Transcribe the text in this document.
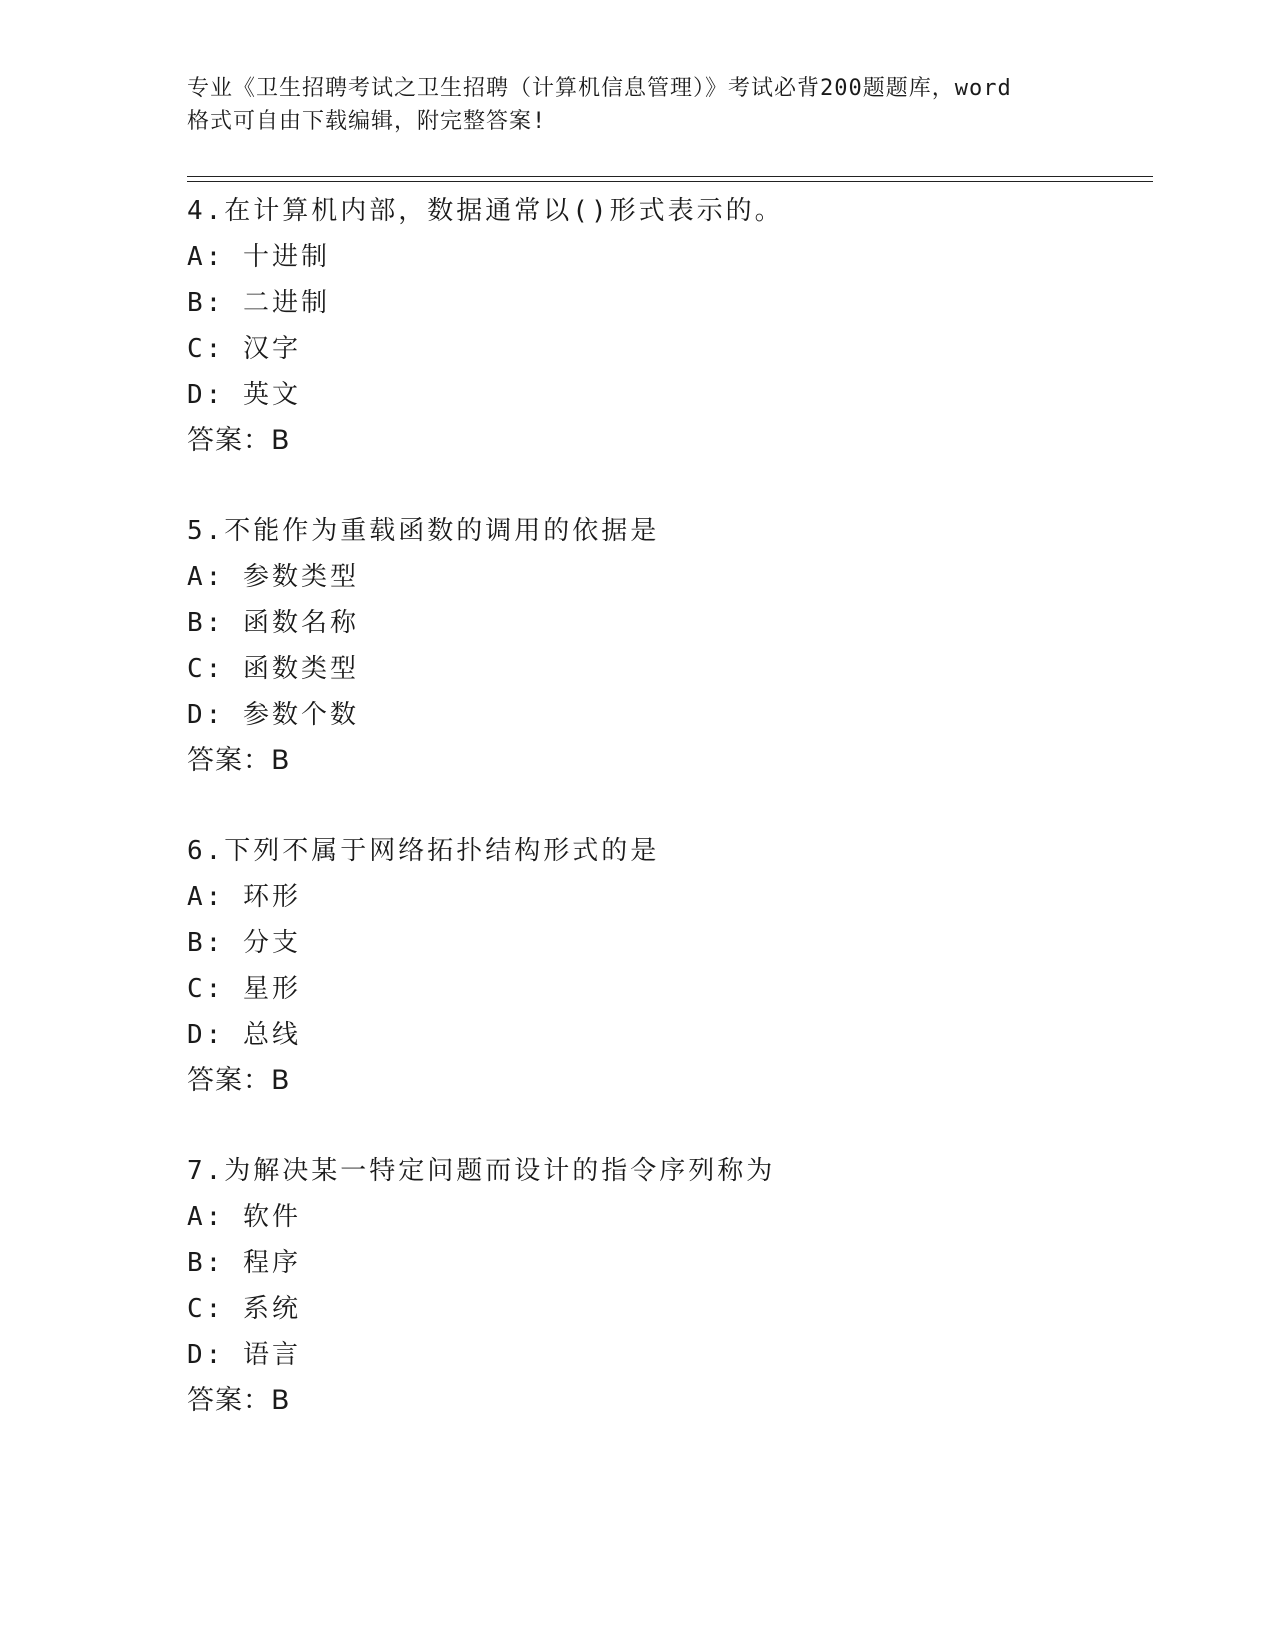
专业《卫生招聘考试之卫生招聘（计算机信息管理）》考试必背200题题库，word
格式可自由下载编辑，附完整答案!
4.在计算机内部，数据通常以()形式表示的。
A: 十进制
B: 二进制
C: 汉字
D: 英文
答案：B
5.不能作为重载函数的调用的依据是
A: 参数类型
B: 函数名称
C: 函数类型
D: 参数个数
答案：B
6.下列不属于网络拓扑结构形式的是
A: 环形
B: 分支
C: 星形
D: 总线
答案：B
7.为解决某一特定问题而设计的指令序列称为
A: 软件
B: 程序
C: 系统
D: 语言
答案：B
